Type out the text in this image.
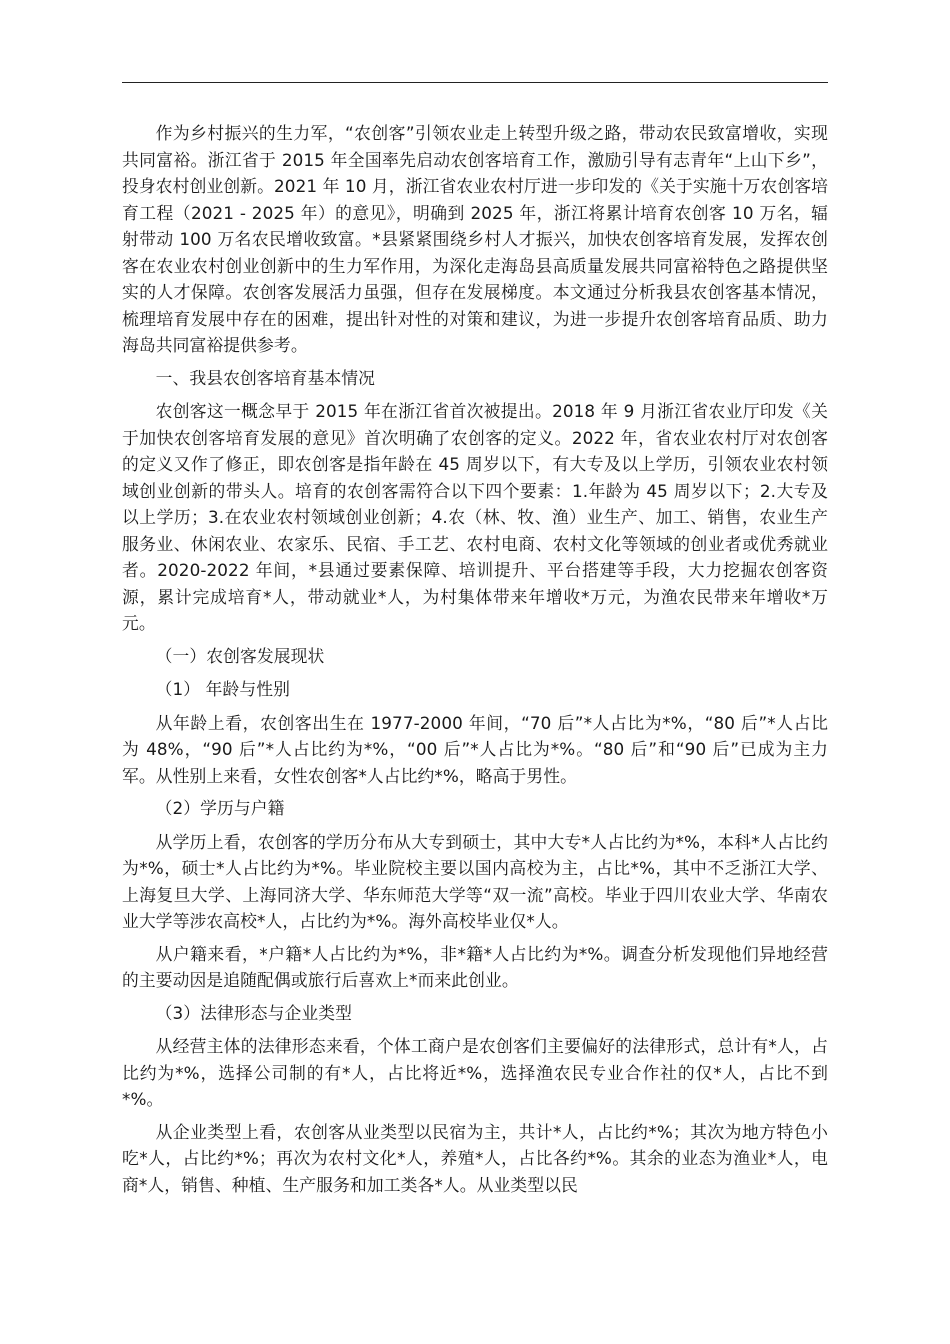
作为乡村振兴的生力军，“农创客”引领农业走上转型升级之路，带动农民致富增收，实现共同富裕。浙江省于 2015 年全国率先启动农创客培育工作，激励引导有志青年“上山下乡”，投身农村创业创新。2021 年 10 月，浙江省农业农村厅进一步印发的《关于实施十万农创客培育工程（2021 - 2025 年）的意见》，明确到 2025 年，浙江将累计培育农创客 10 万名，辐射带动 100 万名农民增收致富。*县紧紧围绕乡村人才振兴，加快农创客培育发展，发挥农创客在农业农村创业创新中的生力军作用，为深化走海岛县高质量发展共同富裕特色之路提供坚实的人才保障。农创客发展活力虽强，但存在发展梯度。本文通过分析我县农创客基本情况，梳理培育发展中存在的困难，提出针对性的对策和建议，为进一步提升农创客培育品质、助力海岛共同富裕提供参考。

一、我县农创客培育基本情况

农创客这一概念早于 2015 年在浙江省首次被提出。2018 年 9 月浙江省农业厅印发《关于加快农创客培育发展的意见》首次明确了农创客的定义。2022 年，省农业农村厅对农创客的定义又作了修正，即农创客是指年龄在 45 周岁以下，有大专及以上学历，引领农业农村领域创业创新的带头人。培育的农创客需符合以下四个要素：1.年龄为 45 周岁以下；2.大专及以上学历；3.在农业农村领域创业创新；4.农（林、牧、渔）业生产、加工、销售，农业生产服务业、休闲农业、农家乐、民宿、手工艺、农村电商、农村文化等领域的创业者或优秀就业者。2020-2022 年间，*县通过要素保障、培训提升、平台搭建等手段，大力挖掘农创客资源，累计完成培育*人，带动就业*人，为村集体带来年增收*万元，为渔农民带来年增收*万元。

（一）农创客发展现状

（1） 年龄与性别

从年龄上看，农创客出生在 1977-2000 年间，“70 后”*人占比为*%，“80 后”*人占比为 48%，“90 后”*人占比约为*%，“00 后”*人占比为*%。“80 后”和“90 后”已成为主力军。从性别上来看，女性农创客*人占比约*%，略高于男性。

（2）学历与户籍

从学历上看，农创客的学历分布从大专到硕士，其中大专*人占比约为*%，本科*人占比约为*%，硕士*人占比约为*%。毕业院校主要以国内高校为主，占比*%，其中不乏浙江大学、上海复旦大学、上海同济大学、华东师范大学等“双一流”高校。毕业于四川农业大学、华南农业大学等涉农高校*人，占比约为*%。海外高校毕业仅*人。

从户籍来看，*户籍*人占比约为*%，非*籍*人占比约为*%。调查分析发现他们异地经营的主要动因是追随配偶或旅行后喜欢上*而来此创业。

（3）法律形态与企业类型

从经营主体的法律形态来看，个体工商户是农创客们主要偏好的法律形式，总计有*人，占比约为*%，选择公司制的有*人，占比将近*%，选择渔农民专业合作社的仅*人，占比不到*%。

从企业类型上看，农创客从业类型以民宿为主，共计*人，占比约*%；其次为地方特色小吃*人，占比约*%；再次为农村文化*人，养殖*人，占比各约*%。其余的业态为渔业*人，电商*人，销售、种植、生产服务和加工类各*人。从业类型以民
